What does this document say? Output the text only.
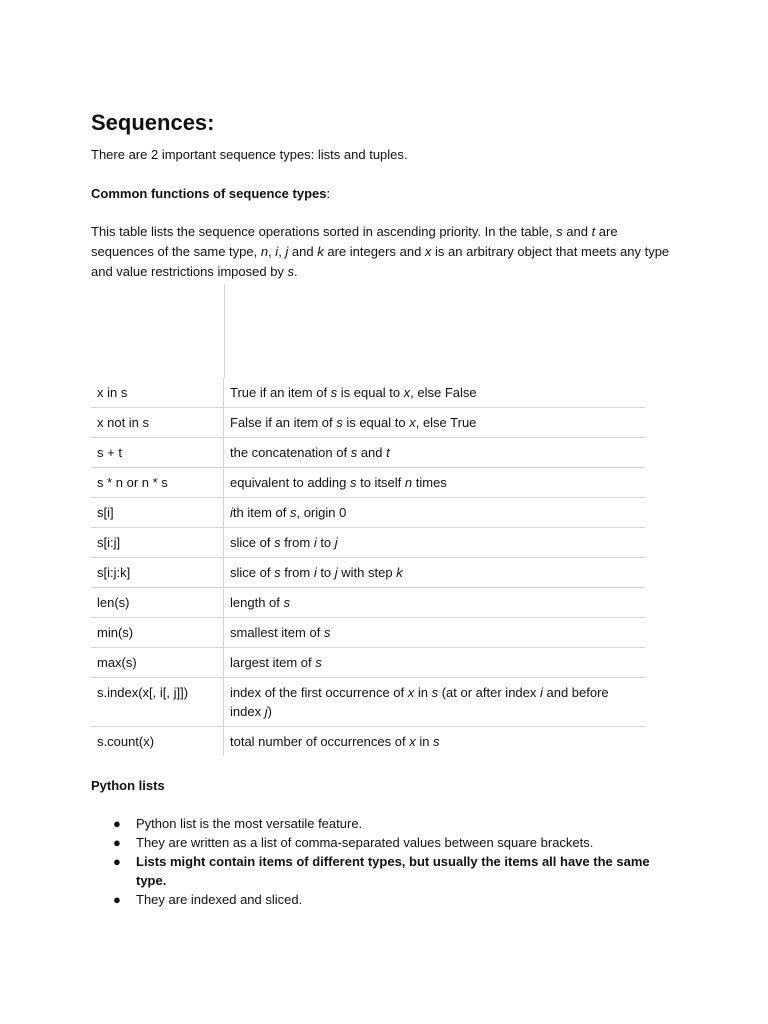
Sequences:

There are 2 important sequence types: lists and tuples.

Common functions of sequence types:

This table lists the sequence operations sorted in ascending priority. In the table, s and t are sequences of the same type, n, i, j and k are integers and x is an arbitrary object that meets any type and value restrictions imposed by s.

x in s	True if an item of s is equal to x, else False
x not in s	False if an item of s is equal to x, else True
s + t	the concatenation of s and t
s * n or n * s	equivalent to adding s to itself n times
s[i]	ith item of s, origin 0
s[i:j]	slice of s from i to j
s[i:j:k]	slice of s from i to j with step k
len(s)	length of s
min(s)	smallest item of s
max(s)	largest item of s
s.index(x[, i[, j]])	index of the first occurrence of x in s (at or after index i and before index j)
s.count(x)	total number of occurrences of x in s

Python lists

● Python list is the most versatile feature.
● They are written as a list of comma-separated values between square brackets.
● Lists might contain items of different types, but usually the items all have the same type.
● They are indexed and sliced.
